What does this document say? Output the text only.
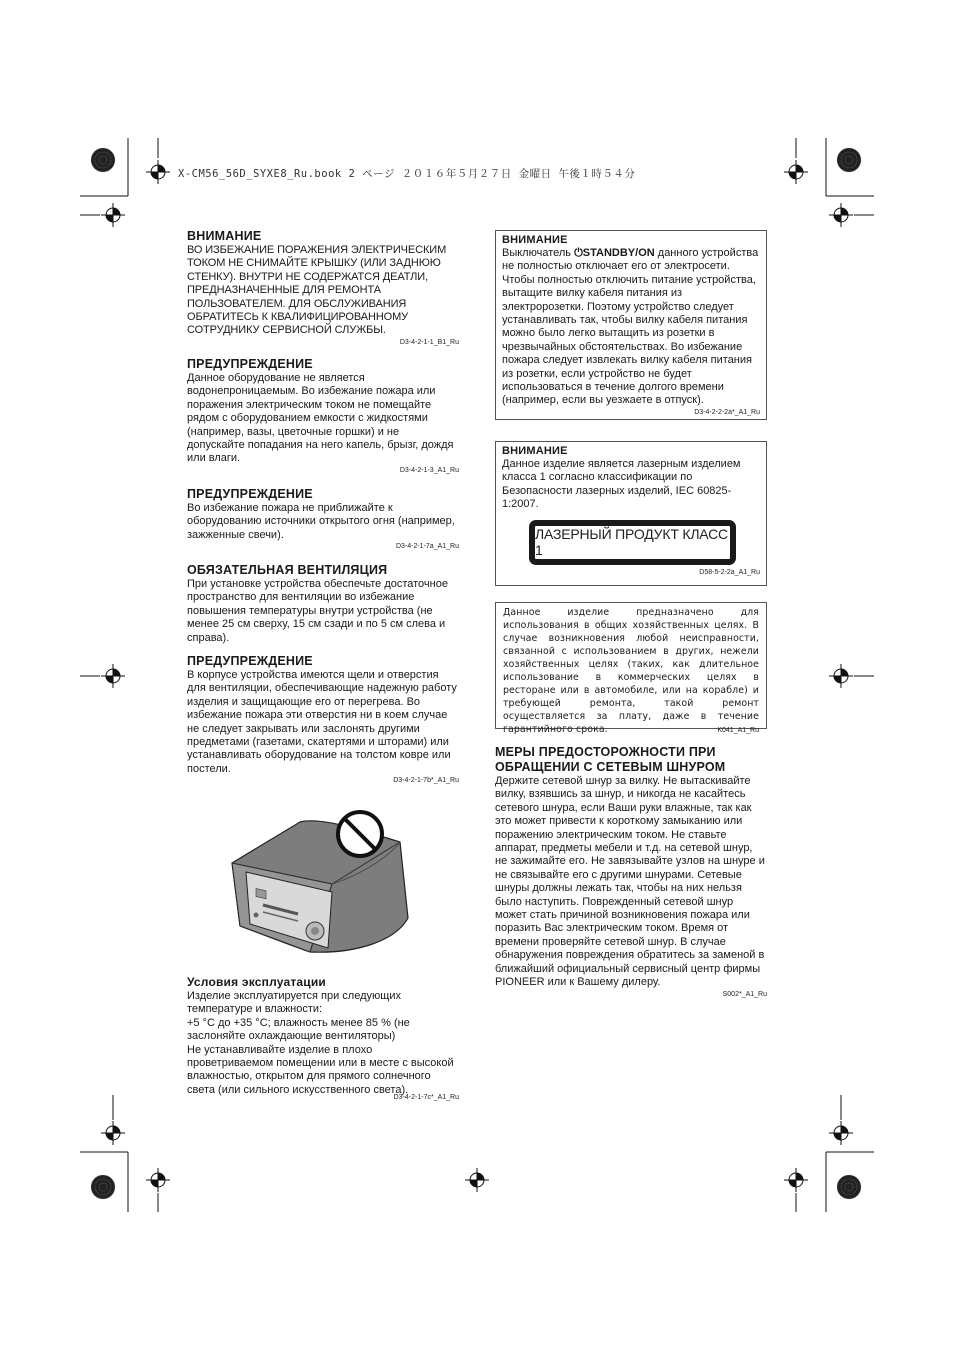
X-CM56_56D_SYXE8_Ru.book 2 ページ ２０１６年５月２７日 金曜日 午後１時５４分
ВНИМАНИЕ
ВО ИЗБЕЖАНИЕ ПОРАЖЕНИЯ ЭЛЕКТРИЧЕСКИМ ТОКОМ НЕ СНИМАЙТЕ КРЫШКУ (ИЛИ ЗАДНЮЮ СТЕНКУ). ВНУТРИ НЕ СОДЕРЖАТСЯ ДЕАТЛИ, ПРЕДНАЗНАЧЕННЫЕ ДЛЯ РЕМОНТА ПОЛЬЗОВАТЕЛЕМ. ДЛЯ ОБСЛУЖИВАНИЯ ОБРАТИТЕСЬ К КВАЛИФИЦИРОВАННОМУ СОТРУДНИКУ СЕРВИСНОЙ СЛУЖБЫ.
D3-4-2-1-1_B1_Ru
ПРЕДУПРЕЖДЕНИЕ
Данное оборудование не является водонепроницаемым. Во избежание пожара или поражения электрическим током не помещайте рядом с оборудованием емкости с жидкостями (например, вазы, цветочные горшки) и не допускайте попадания на него капель, брызг, дождя или влаги.
D3-4-2-1-3_A1_Ru
ПРЕДУПРЕЖДЕНИЕ
Во избежание пожара не приближайте к оборудованию источники открытого огня (например, зажженные свечи).
D3-4-2-1-7a_A1_Ru
ОБЯЗАТЕЛЬНАЯ ВЕНТИЛЯЦИЯ
При установке устройства обеспечьте достаточное пространство для вентиляции во избежание повышения температуры внутри устройства (не менее 25 см сверху, 15 см сзади и по 5 см слева и справа).
ПРЕДУПРЕЖДЕНИЕ
В корпусе устройства имеются щели и отверстия для вентиляции, обеспечивающие надежную работу изделия и защищающие его от перегрева. Во избежание пожара эти отверстия ни в коем случае не следует закрывать или заслонять другими предметами (газетами, скатертями и шторами) или устанавливать оборудование на толстом ковре или постели.
D3-4-2-1-7b*_A1_Ru
Условия эксплуатации
Изделие эксплуатируется при следующих температуре и влажности:
+5 °C до +35 °C; влажность менее 85 % (не заслоняйте охлаждающие вентиляторы)
Не устанавливайте изделие в плохо проветриваемом помещении или в месте с высокой влажностью, открытом для прямого солнечного света (или сильного искусственного света).
D3-4-2-1-7c*_A1_Ru
ВНИМАНИЕ
Выключатель ⏻STANDBY/ON данного устройства не полностью отключает его от электросети. Чтобы полностью отключить питание устройства, вытащите вилку кабеля питания из электророзетки. Поэтому устройство следует устанавливать так, чтобы вилку кабеля питания можно было легко вытащить из розетки в чрезвычайных обстоятельствах. Во избежание пожара следует извлекать вилку кабеля питания из розетки, если устройство не будет использоваться в течение долгого времени (например, если вы уезжаете в отпуск).
D3-4-2-2-2a*_A1_Ru
ВНИМАНИЕ
Данное изделие является лазерным изделием класса 1 согласно классификации по Безопасности лазерных изделий, IEC 60825-1:2007.
ЛАЗЕРНЫЙ ПРОДУКТ КЛАСС 1
D58-5-2-2a_A1_Ru
Данное изделие предназначено для использования в общих хозяйственных целях. В случае возникновения любой неисправности, связанной с использованием в других, нежели хозяйственных целях (таких, как длительное использование в коммерческих целях в ресторане или в автомобиле, или на корабле) и требующей ремонта, такой ремонт осуществляется за плату, даже в течение гарантийного срока.	K041_A1_Ru
МЕРЫ ПРЕДОСТОРОЖНОСТИ ПРИ ОБРАЩЕНИИ С СЕТЕВЫМ ШНУРОМ
Держите сетевой шнур за вилку. Не вытаскивайте вилку, взявшись за шнур, и никогда не касайтесь сетевого шнура, если Ваши руки влажные, так как это может привести к короткому замыканию или поражению электрическим током. Не ставьте аппарат, предметы мебели и т.д. на сетевой шнур, не зажимайте его. Не завязывайте узлов на шнуре и не связывайте его с другими шнурами. Сетевые шнуры должны лежать так, чтобы на них нельзя было наступить. Поврежденный сетевой шнур может стать причиной возникновения пожара или поразить Вас электрическим током. Время от времени проверяйте сетевой шнур. В случае обнаружения повреждения обратитесь за заменой в ближайший официальный сервисный центр фирмы PIONEER или к Вашему дилеру.
S002*_A1_Ru
